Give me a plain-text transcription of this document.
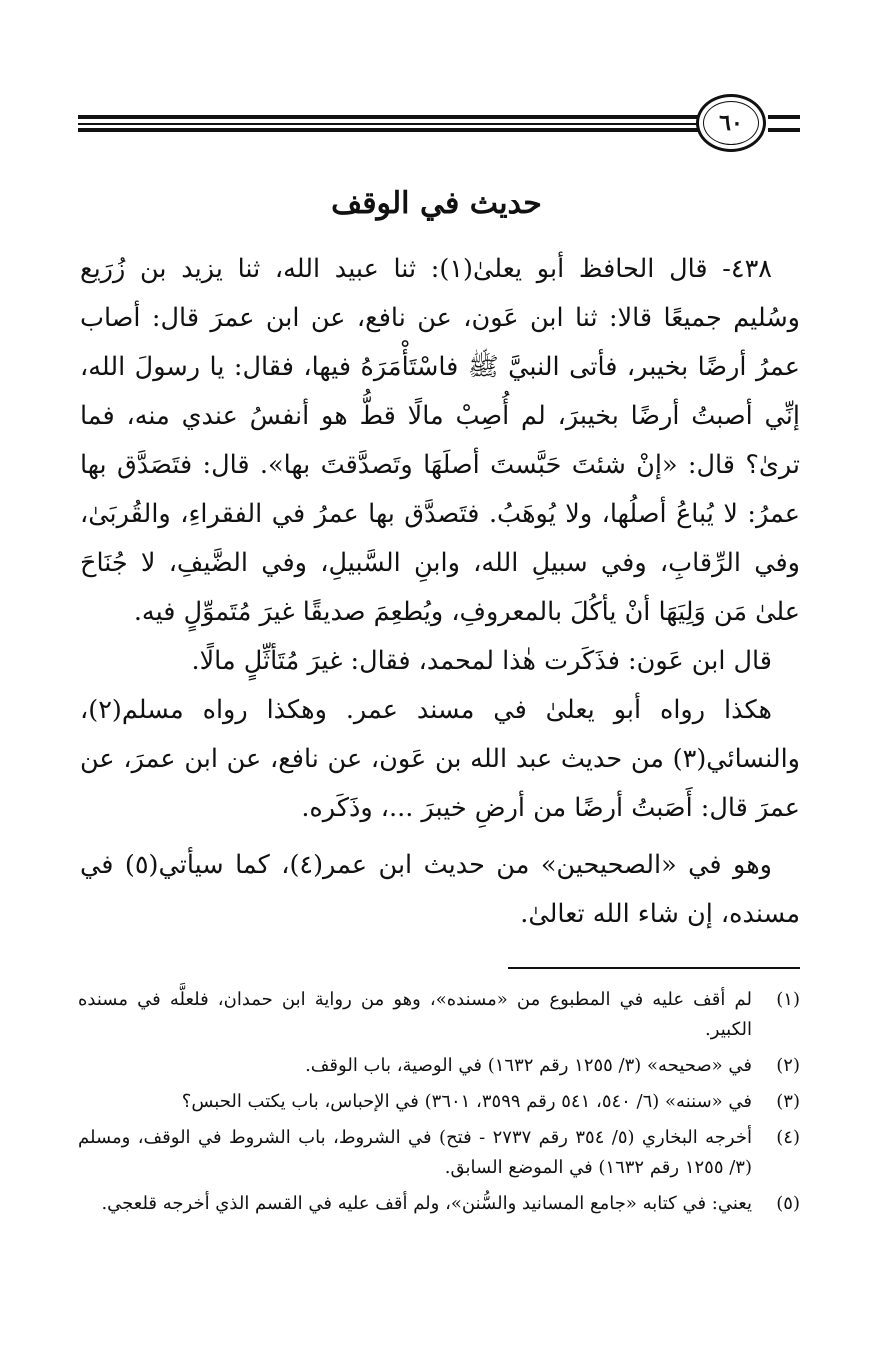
٦٠
حديث في الوقف

٤٣٨- قال الحافظ أبو يعلىٰ(١): ثنا عبيد الله، ثنا يزيد بن زُرَيع وسُليم جميعًا قالا: ثنا ابن عَون، عن نافع، عن ابن عمرَ قال: أصاب عمرُ أرضًا بخيبر، فأتى النبيَّ ﷺ فاسْتَأْمَرَهُ فيها، فقال: يا رسولَ الله، إنِّي أصبتُ أرضًا بخيبرَ، لم أُصِبْ مالًا قطُّ هو أنفسُ عندي منه، فما ترىٰ؟ قال: «إنْ شئتَ حَبَّستَ أصلَهَا وتَصدَّقتَ بها». قال: فتَصَدَّق بها عمرُ: لا يُباعُ أصلُها، ولا يُوهَبُ. فتَصدَّق بها عمرُ في الفقراءِ، والقُربَىٰ، وفي الرِّقابِ، وفي سبيلِ الله، وابنِ السَّبيلِ، وفي الضَّيفِ، لا جُنَاحَ علىٰ مَن وَلِيَهَا أنْ يأكُلَ بالمعروفِ، ويُطعِمَ صديقًا غيرَ مُتَموِّلٍ فيه.

قال ابن عَون: فذَكَرت هٰذا لمحمد، فقال: غيرَ مُتَأثِّلٍ مالًا.

هكذا رواه أبو يعلىٰ في مسند عمر. وهكذا رواه مسلم(٢)، والنسائي(٣) من حديث عبد الله بن عَون، عن نافع، عن ابن عمرَ، عن عمرَ قال: أَصَبتُ أرضًا من أرضِ خيبرَ ...، وذَكَره.

وهو في «الصحيحين» من حديث ابن عمر(٤)، كما سيأتي(٥) في مسنده، إن شاء الله تعالىٰ.

(١)
لم أقف عليه في المطبوع من «مسنده»، وهو من رواية ابن حمدان، فلعلَّه في مسنده الكبير.
(٢)
في «صحيحه» (٣/ ١٢٥٥ رقم ١٦٣٢) في الوصية، باب الوقف.
(٣)
في «سننه» (٦/ ٥٤٠، ٥٤١ رقم ٣٥٩٩، ٣٦٠١) في الإحباس، باب يكتب الحبس؟
(٤)
أخرجه البخاري (٥/ ٣٥٤ رقم ٢٧٣٧ - فتح) في الشروط، باب الشروط في الوقف، ومسلم (٣/ ١٢٥٥ رقم ١٦٣٢) في الموضع السابق.
(٥)
يعني: في كتابه «جامع المسانيد والسُّنن»، ولم أقف عليه في القسم الذي أخرجه قلعجي.
